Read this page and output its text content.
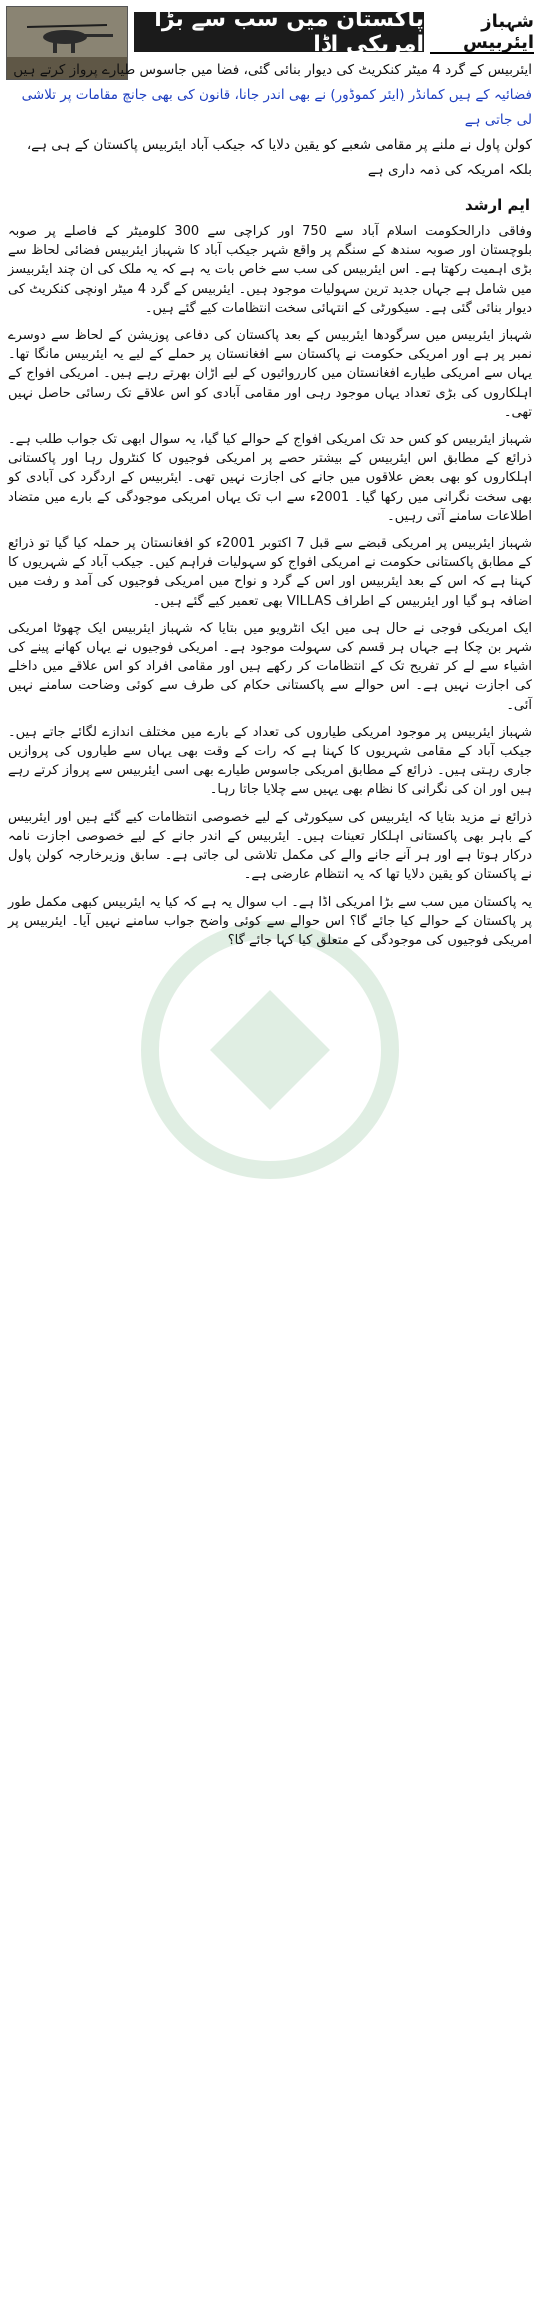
پاکستان میں سب سے بڑا امریکی اڈا
شہباز ایئربیس
ایئربیس کے گرد 4 میٹر کنکریٹ کی دیوار بنائی گئی، فضا میں جاسوس طیارے پرواز کرتے ہیں
فضائیہ کے ہیں کمانڈر (ایئر کموڈور) نے بھی اندر جانا، قانون کی بھی جانچ مقامات پر تلاشی لی جاتی ہے
کولن پاول نے ملنے پر مقامی شعبے کو یقین دلایا کہ جیکب آباد ایئربیس پاکستان کے ہی ہے، بلکہ امریکہ کی ذمہ داری ہے
ایم ارشد

وفاقی دارالحکومت اسلام آباد سے 750 اور کراچی سے 300 کلومیٹر کے فاصلے پر صوبہ بلوچستان اور صوبہ سندھ کے سنگم پر واقع شہر جیکب آباد کا شہباز ایئربیس فضائی لحاظ سے بڑی اہمیت رکھتا ہے۔ اس ایئربیس کی سب سے خاص بات یہ ہے کہ یہ ملک کی ان چند ایئربیسز میں شامل ہے جہاں جدید ترین سہولیات موجود ہیں۔ ایئربیس کے گرد 4 میٹر اونچی کنکریٹ کی دیوار بنائی گئی ہے۔ سیکورٹی کے انتہائی سخت انتظامات کیے گئے ہیں۔

شہباز ایئربیس میں سرگودھا ایئربیس کے بعد پاکستان کی دفاعی پوزیشن کے لحاظ سے دوسرے نمبر پر ہے اور امریکی حکومت نے پاکستان سے افغانستان پر حملے کے لیے یہ ایئربیس مانگا تھا۔ یہاں سے امریکی طیارے افغانستان میں کارروائیوں کے لیے اڑان بھرتے رہے ہیں۔ امریکی افواج کے اہلکاروں کی بڑی تعداد یہاں موجود رہی اور مقامی آبادی کو اس علاقے تک رسائی حاصل نہیں تھی۔

شہباز ایئربیس کو کس حد تک امریکی افواج کے حوالے کیا گیا، یہ سوال ابھی تک جواب طلب ہے۔ ذرائع کے مطابق اس ایئربیس کے بیشتر حصے پر امریکی فوجیوں کا کنٹرول رہا اور پاکستانی اہلکاروں کو بھی بعض علاقوں میں جانے کی اجازت نہیں تھی۔ ایئربیس کے اردگرد کی آبادی کو بھی سخت نگرانی میں رکھا گیا۔ 2001ء سے اب تک یہاں امریکی موجودگی کے بارے میں متضاد اطلاعات سامنے آتی رہیں۔

شہباز ایئربیس پر امریکی قبضے سے قبل 7 اکتوبر 2001ء کو افغانستان پر حملہ کیا گیا تو ذرائع کے مطابق پاکستانی حکومت نے امریکی افواج کو سہولیات فراہم کیں۔ جیکب آباد کے شہریوں کا کہنا ہے کہ اس کے بعد ایئربیس اور اس کے گرد و نواح میں امریکی فوجیوں کی آمد و رفت میں اضافہ ہو گیا اور ایئربیس کے اطراف VILLAS بھی تعمیر کیے گئے ہیں۔

ایک امریکی فوجی نے حال ہی میں ایک انٹرویو میں بتایا کہ شہباز ایئربیس ایک چھوٹا امریکی شہر بن چکا ہے جہاں ہر قسم کی سہولت موجود ہے۔ امریکی فوجیوں نے یہاں کھانے پینے کی اشیاء سے لے کر تفریح تک کے انتظامات کر رکھے ہیں اور مقامی افراد کو اس علاقے میں داخلے کی اجازت نہیں ہے۔ اس حوالے سے پاکستانی حکام کی طرف سے کوئی وضاحت سامنے نہیں آئی۔

شہباز ایئربیس پر موجود امریکی طیاروں کی تعداد کے بارے میں مختلف اندازے لگائے جاتے ہیں۔ جیکب آباد کے مقامی شہریوں کا کہنا ہے کہ رات کے وقت بھی یہاں سے طیاروں کی پروازیں جاری رہتی ہیں۔ ذرائع کے مطابق امریکی جاسوس طیارے بھی اسی ایئربیس سے پرواز کرتے رہے ہیں اور ان کی نگرانی کا نظام بھی یہیں سے چلایا جاتا رہا۔

ذرائع نے مزید بتایا کہ ایئربیس کی سیکورٹی کے لیے خصوصی انتظامات کیے گئے ہیں اور ایئربیس کے باہر بھی پاکستانی اہلکار تعینات ہیں۔ ایئربیس کے اندر جانے کے لیے خصوصی اجازت نامہ درکار ہوتا ہے اور ہر آنے جانے والے کی مکمل تلاشی لی جاتی ہے۔ سابق وزیرخارجہ کولن پاول نے پاکستان کو یقین دلایا تھا کہ یہ انتظام عارضی ہے۔

یہ پاکستان میں سب سے بڑا امریکی اڈا ہے۔ اب سوال یہ ہے کہ کیا یہ ایئربیس کبھی مکمل طور پر پاکستان کے حوالے کیا جائے گا؟ اس حوالے سے کوئی واضح جواب سامنے نہیں آیا۔ ایئربیس پر امریکی فوجیوں کی موجودگی کے متعلق کیا کہا جائے گا؟
